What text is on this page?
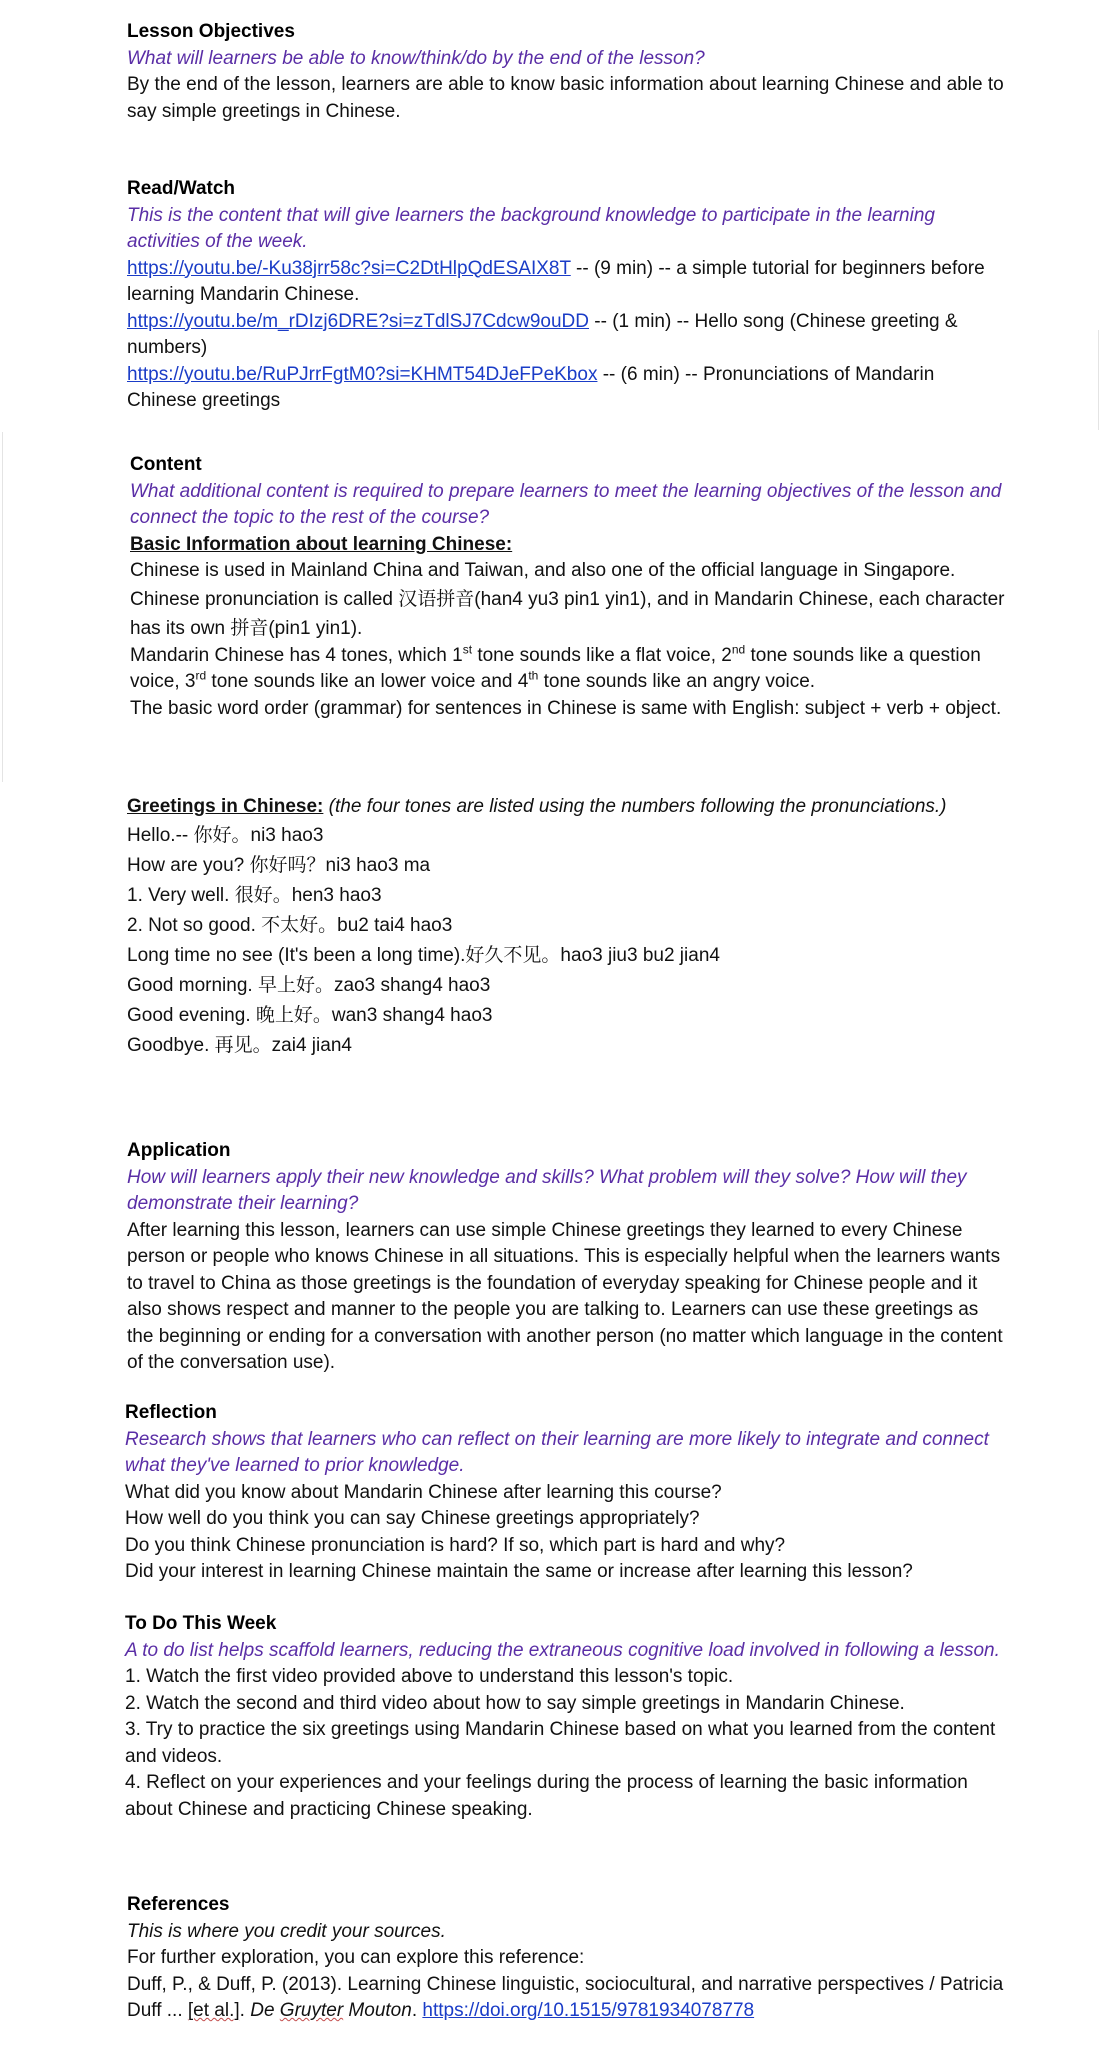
Lesson Objectives

What will learners be able to know/think/do by the end of the lesson?

By the end of the lesson, learners are able to know basic information about learning Chinese and able to say simple greetings in Chinese.

Read/Watch

This is the content that will give learners the background knowledge to participate in the learning activities of the week.

https://youtu.be/-Ku38jrr58c?si=C2DtHlpQdESAIX8T -- (9 min) -- a simple tutorial for beginners before learning Mandarin Chinese.

https://youtu.be/m_rDIzj6DRE?si=zTdlSJ7Cdcw9ouDD -- (1 min) -- Hello song (Chinese greeting & numbers)

https://youtu.be/RuPJrrFgtM0?si=KHMT54DJeFPeKbox -- (6 min) -- Pronunciations of Mandarin Chinese greetings

Content

What additional content is required to prepare learners to meet the learning objectives of the lesson and connect the topic to the rest of the course?

Basic Information about learning Chinese:

Chinese is used in Mainland China and Taiwan, and also one of the official language in Singapore.

Chinese pronunciation is called 汉语拼音(han4 yu3 pin1 yin1), and in Mandarin Chinese, each character has its own 拼音(pin1 yin1).

Mandarin Chinese has 4 tones, which 1st tone sounds like a flat voice, 2nd tone sounds like a question voice, 3rd tone sounds like an lower voice and 4th tone sounds like an angry voice.

The basic word order (grammar) for sentences in Chinese is same with English: subject + verb + object.

Greetings in Chinese: (the four tones are listed using the numbers following the pronunciations.)

Hello.-- 你好。ni3 hao3

How are you? 你好吗？ni3 hao3 ma

1. Very well. 很好。hen3 hao3

2. Not so good. 不太好。bu2 tai4 hao3

Long time no see (It's been a long time).好久不见。hao3 jiu3 bu2 jian4

Good morning. 早上好。zao3 shang4 hao3

Good evening. 晚上好。wan3 shang4 hao3

Goodbye. 再见。zai4 jian4

Application

How will learners apply their new knowledge and skills? What problem will they solve? How will they demonstrate their learning?

After learning this lesson, learners can use simple Chinese greetings they learned to every Chinese person or people who knows Chinese in all situations. This is especially helpful when the learners wants to travel to China as those greetings is the foundation of everyday speaking for Chinese people and it also shows respect and manner to the people you are talking to. Learners can use these greetings as the beginning or ending for a conversation with another person (no matter which language in the content of the conversation use).

Reflection

Research shows that learners who can reflect on their learning are more likely to integrate and connect what they've learned to prior knowledge.

What did you know about Mandarin Chinese after learning this course?

How well do you think you can say Chinese greetings appropriately?

Do you think Chinese pronunciation is hard? If so, which part is hard and why?

Did your interest in learning Chinese maintain the same or increase after learning this lesson?

To Do This Week

A to do list helps scaffold learners, reducing the extraneous cognitive load involved in following a lesson.

1. Watch the first video provided above to understand this lesson's topic.

2. Watch the second and third video about how to say simple greetings in Mandarin Chinese.

3. Try to practice the six greetings using Mandarin Chinese based on what you learned from the content and videos.

4. Reflect on your experiences and your feelings during the process of learning the basic information about Chinese and practicing Chinese speaking.

References

This is where you credit your sources.

For further exploration, you can explore this reference:

Duff, P., & Duff, P. (2013). Learning Chinese linguistic, sociocultural, and narrative perspectives / Patricia Duff ... [et al.]. De Gruyter Mouton. https://doi.org/10.1515/9781934078778
